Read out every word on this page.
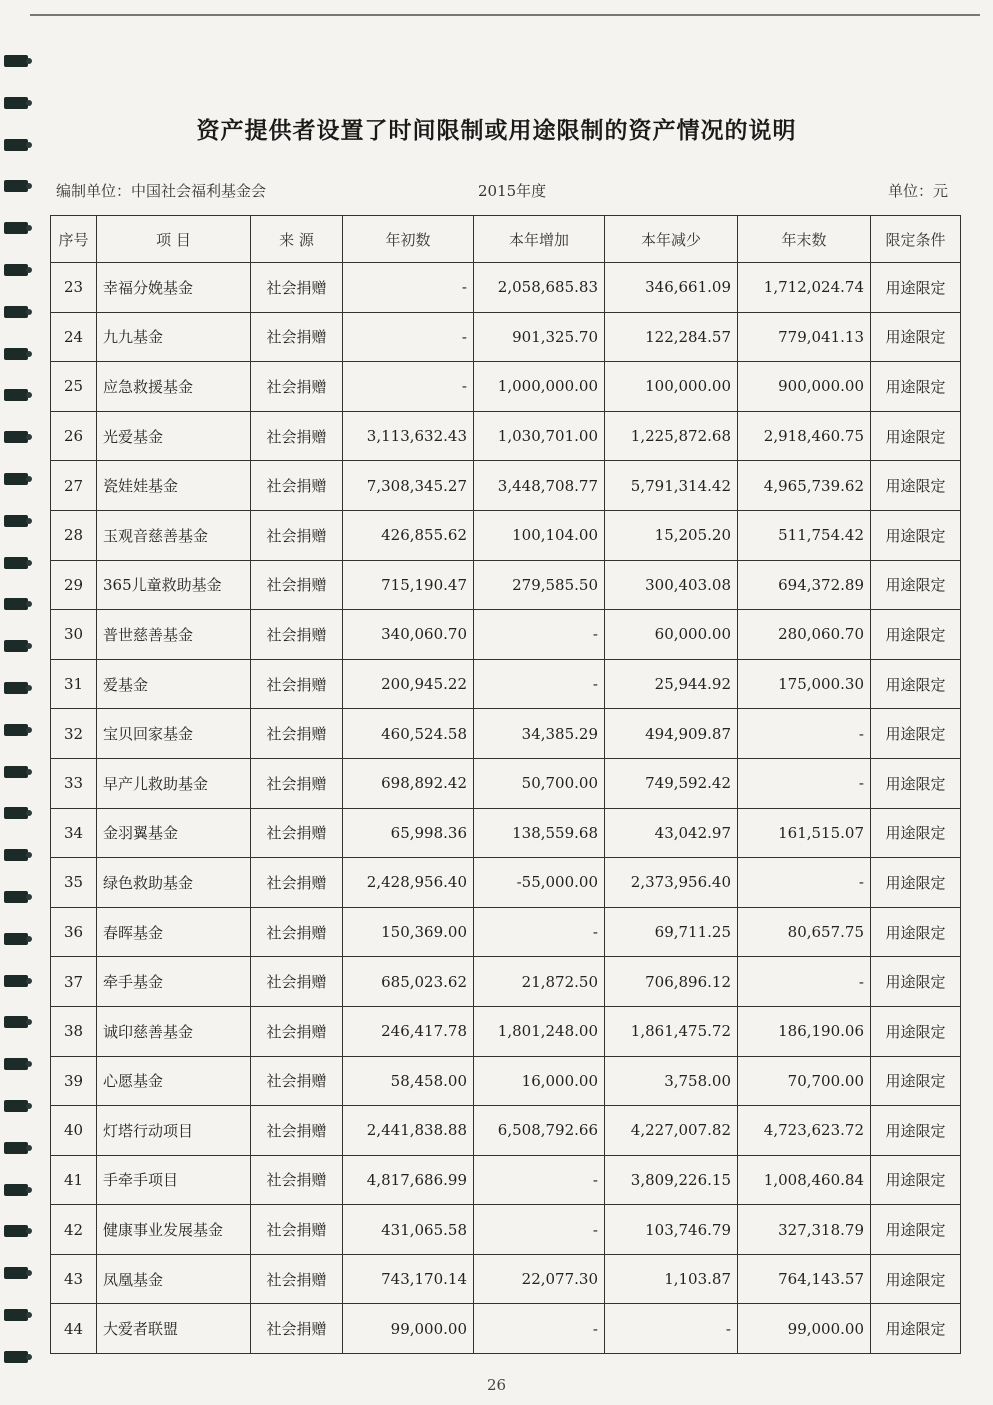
资产提供者设置了时间限制或用途限制的资产情况的说明
编制单位：中国社会福利基金会	2015年度	单位：元
序号	项 目	来 源	年初数	本年增加	本年减少	年末数	限定条件
23	幸福分娩基金	社会捐赠	-	2,058,685.83	346,661.09	1,712,024.74	用途限定
24	九九基金	社会捐赠	-	901,325.70	122,284.57	779,041.13	用途限定
25	应急救援基金	社会捐赠	-	1,000,000.00	100,000.00	900,000.00	用途限定
26	光爱基金	社会捐赠	3,113,632.43	1,030,701.00	1,225,872.68	2,918,460.75	用途限定
27	瓷娃娃基金	社会捐赠	7,308,345.27	3,448,708.77	5,791,314.42	4,965,739.62	用途限定
28	玉观音慈善基金	社会捐赠	426,855.62	100,104.00	15,205.20	511,754.42	用途限定
29	365儿童救助基金	社会捐赠	715,190.47	279,585.50	300,403.08	694,372.89	用途限定
30	普世慈善基金	社会捐赠	340,060.70	-	60,000.00	280,060.70	用途限定
31	爱基金	社会捐赠	200,945.22	-	25,944.92	175,000.30	用途限定
32	宝贝回家基金	社会捐赠	460,524.58	34,385.29	494,909.87	-	用途限定
33	早产儿救助基金	社会捐赠	698,892.42	50,700.00	749,592.42	-	用途限定
34	金羽翼基金	社会捐赠	65,998.36	138,559.68	43,042.97	161,515.07	用途限定
35	绿色救助基金	社会捐赠	2,428,956.40	-55,000.00	2,373,956.40	-	用途限定
36	春晖基金	社会捐赠	150,369.00	-	69,711.25	80,657.75	用途限定
37	牵手基金	社会捐赠	685,023.62	21,872.50	706,896.12	-	用途限定
38	诚印慈善基金	社会捐赠	246,417.78	1,801,248.00	1,861,475.72	186,190.06	用途限定
39	心愿基金	社会捐赠	58,458.00	16,000.00	3,758.00	70,700.00	用途限定
40	灯塔行动项目	社会捐赠	2,441,838.88	6,508,792.66	4,227,007.82	4,723,623.72	用途限定
41	手牵手项目	社会捐赠	4,817,686.99	-	3,809,226.15	1,008,460.84	用途限定
42	健康事业发展基金	社会捐赠	431,065.58	-	103,746.79	327,318.79	用途限定
43	凤凰基金	社会捐赠	743,170.14	22,077.30	1,103.87	764,143.57	用途限定
44	大爱者联盟	社会捐赠	99,000.00	-	-	99,000.00	用途限定
26
